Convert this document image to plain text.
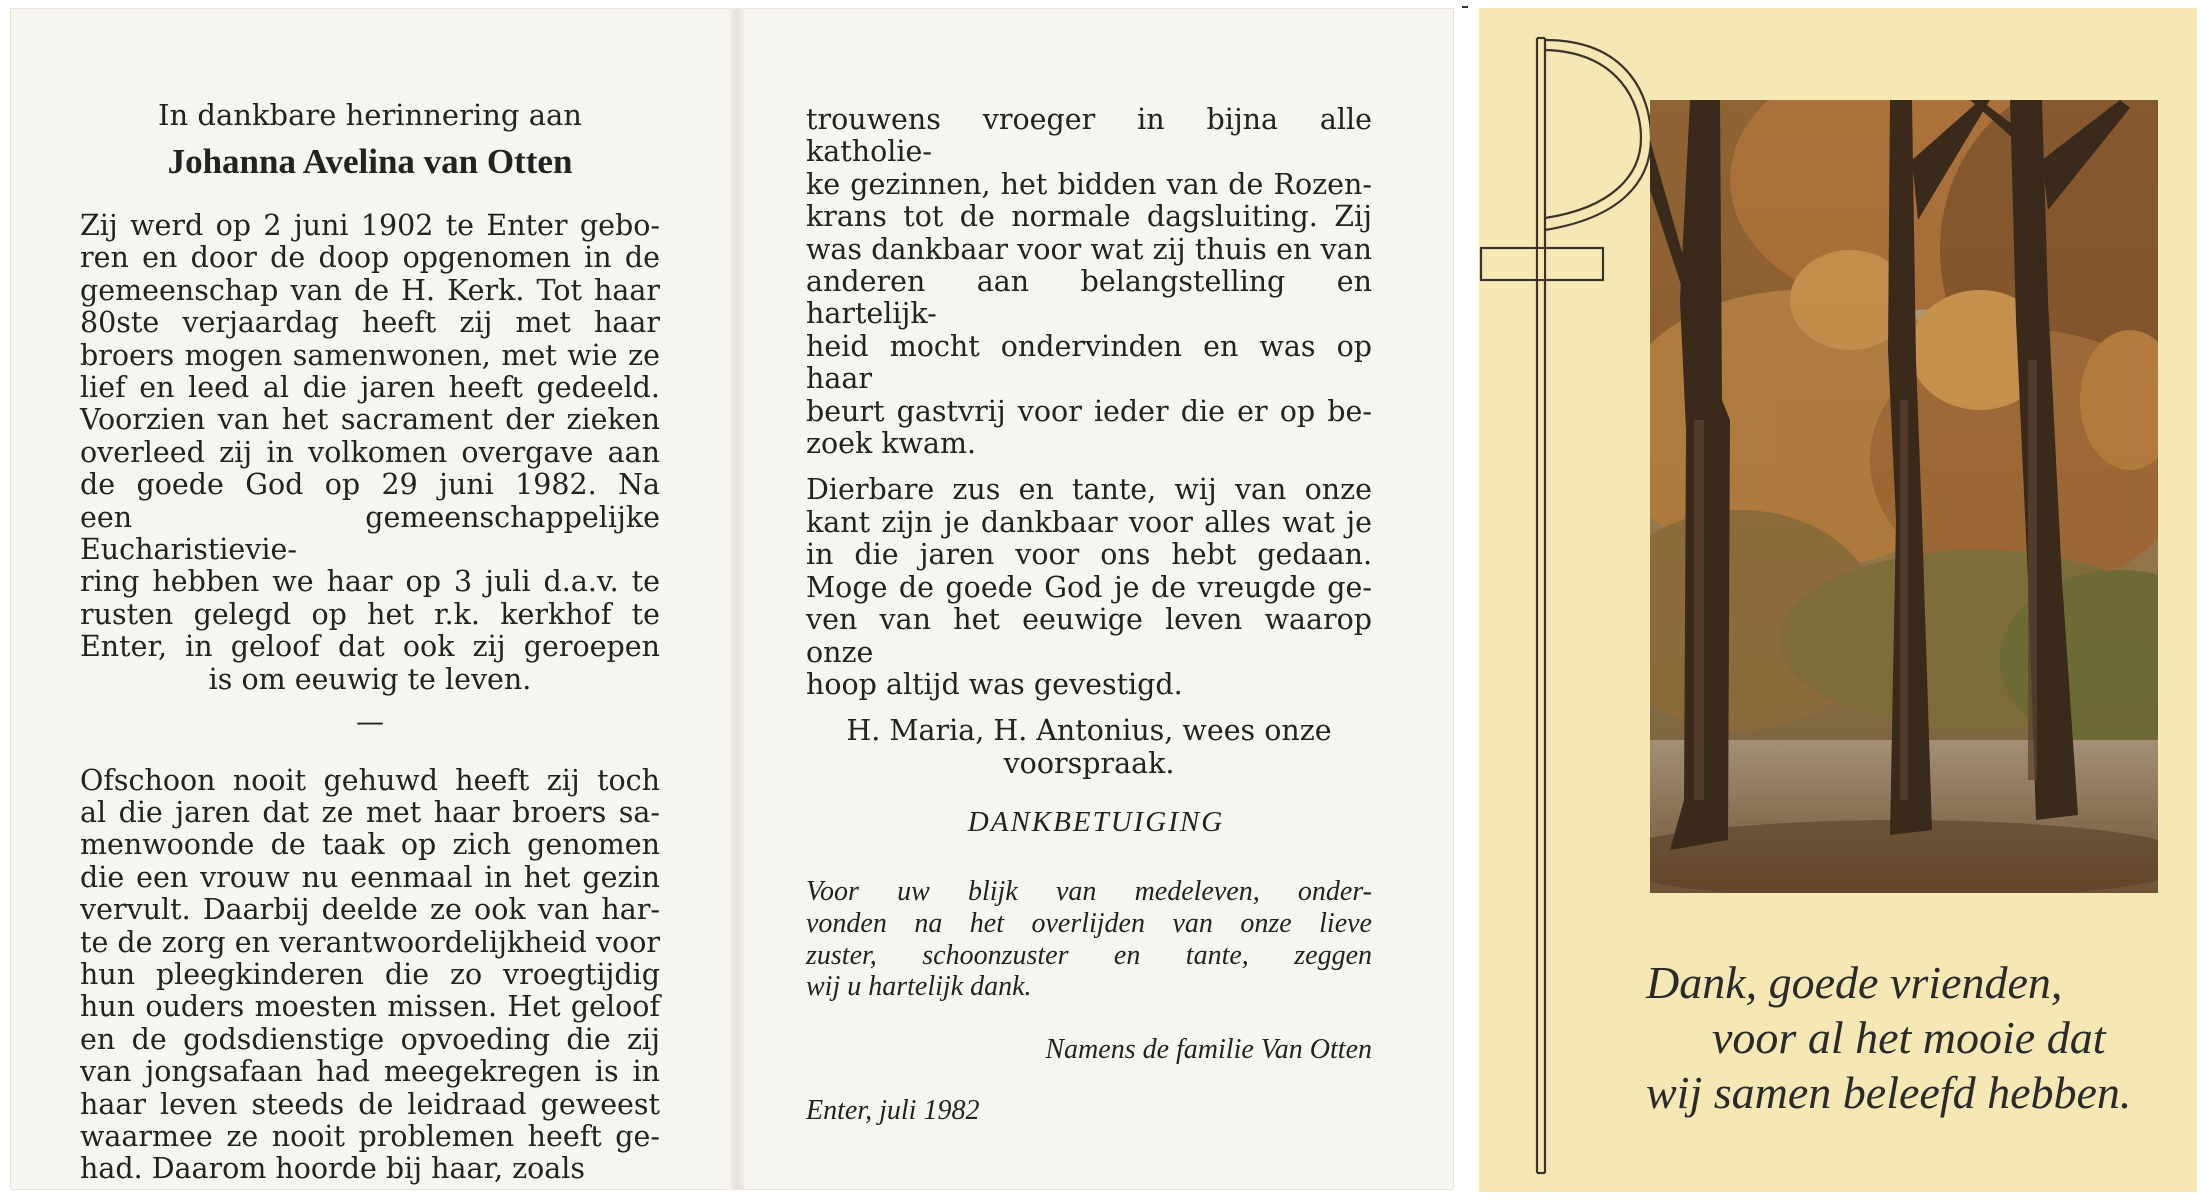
In dankbare herinnering aan
Johanna Avelina van Otten

Zij werd op 2 juni 1902 te Enter gebo-

ren en door de doop opgenomen in de

gemeenschap van de H. Kerk. Tot haar

80ste verjaardag heeft zij met haar

broers mogen samenwonen, met wie ze

lief en leed al die jaren heeft gedeeld.

Voorzien van het sacrament der zieken

overleed zij in volkomen overgave aan

de goede God op 29 juni 1982. Na

een gemeenschappelijke Eucharistievie-

ring hebben we haar op 3 juli d.a.v. te

rusten gelegd op het r.k. kerkhof te

Enter, in geloof dat ook zij geroepen

is om eeuwig te leven.

—

Ofschoon nooit gehuwd heeft zij toch

al die jaren dat ze met haar broers sa-

menwoonde de taak op zich genomen

die een vrouw nu eenmaal in het gezin

vervult. Daarbij deelde ze ook van har-

te de zorg en verantwoordelijkheid voor

hun pleegkinderen die zo vroegtijdig

hun ouders moesten missen. Het geloof

en de godsdienstige opvoeding die zij

van jongsafaan had meegekregen is in

haar leven steeds de leidraad geweest

waarmee ze nooit problemen heeft ge-

had. Daarom hoorde bij haar, zoals

trouwens vroeger in bijna alle katholie-

ke gezinnen, het bidden van de Rozen-

krans tot de normale dagsluiting. Zij

was dankbaar voor wat zij thuis en van

anderen aan belangstelling en hartelijk-

heid mocht ondervinden en was op haar

beurt gastvrij voor ieder die er op be-

zoek kwam.

Dierbare zus en tante, wij van onze

kant zijn je dankbaar voor alles wat je

in die jaren voor ons hebt gedaan.

Moge de goede God je de vreugde ge-

ven van het eeuwige leven waarop onze

hoop altijd was gevestigd.

H. Maria, H. Antonius, wees onze

voorspraak.

DANKBETUIGING

Voor uw blijk van medeleven, onder-

vonden na het overlijden van onze lieve

zuster, schoonzuster en tante, zeggen

wij u hartelijk dank.

Namens de familie Van Otten
Enter, juli 1982
Dank, goede vrienden,
voor al het mooie dat
wij samen beleefd hebben.
